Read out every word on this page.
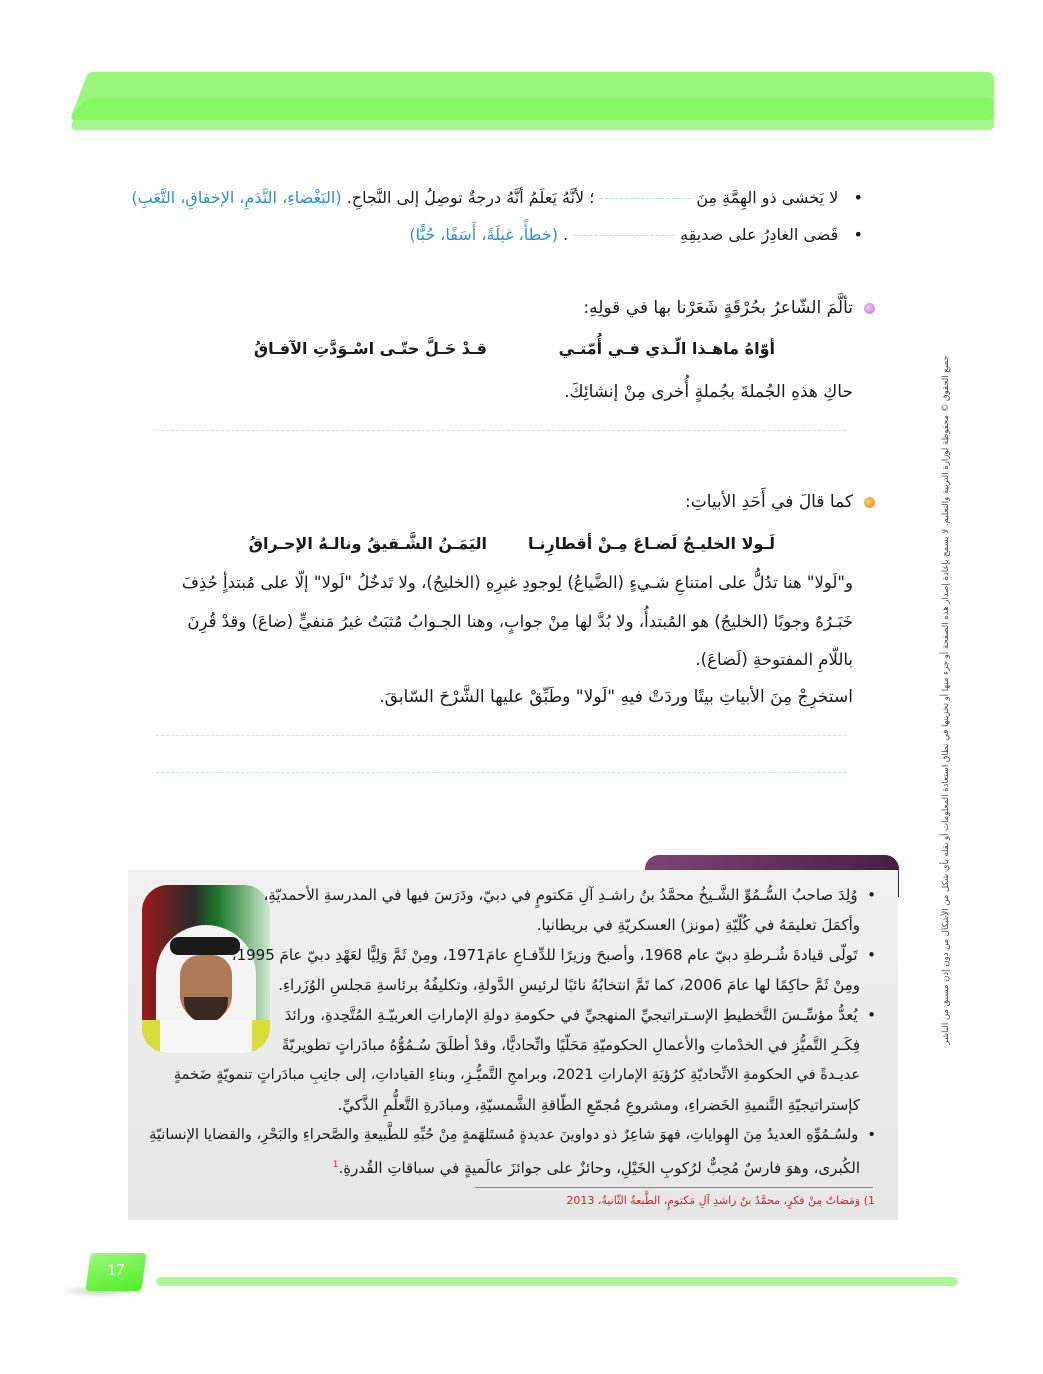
•   لا يَخشى ذو الهِمَّةِ مِنَ؛ لأنَّهُ يَعلَمُ أنَّهُ درجةٌ توصِلُ إلى النَّجاحِ. (البَغْضاءِ، النَّدَمِ، الإخفاقِ، التَّعَبِ)
•   قَضى الغادِرُ على صديقِهِ. (خطأً، غيلَةً، أَسَفًا، حُبًّا)
تألَّمَ الشّاعرُ بحُرْقَةٍ شَعَرْنا بها في قولِهِ:
أوّاهُ ماهـذا الّـذي فـي أُمّتـي
قـدْ حَـلَّ حتّـى اسْـوَدَّتِ الآفـاقُ
حاكِ هذهِ الجُملةَ بجُملةٍ أُخرى مِنْ إنشائِكَ.
كما قالَ في أَحَدِ الأبياتِ:
لَـولا الخليـجُ لَضـاعَ مِـنْ أقطارِنـا
اليَمَـنُ الشَّـقيقُ ونالـهُ الإحـراقُ
و"لَولا" هنا تدُلُّ على امتناعِ شـيءٍ (الضَّياعُ) لِوجودِ غيرِهِ (الخليجُ)، ولا تَدخُلُ "لَولا" إلّا على مُبتدأٍ حُذِفَ
خَبَـرُهُ وجوبًا (الخليجُ) هو المُبتدأُ، ولا بُدَّ لها مِنْ جوابٍ، وهنا الجـوابُ مُثبَتٌ غيرُ مَنفيٍّ (ضاعَ) وقدْ قُرِنَ
باللّامِ المفتوحةِ (لَضاعَ).
استخرِجْ مِنَ الأبياتِ بيتًا وردَتْ فيهِ "لَولا" وطَبِّقْ عليها الشَّرْحَ السّابقَ.
•  وُلِدَ صاحبُ السُّـمُوِّ الشَّـيخُ محمَّدُ بنُ راشـدِ آلِ مَكتومٍ في دبيّ، ودَرَسَ فيها في المدرسةِ الأحمديّةِ،
وأكمَلَ تعليمَهُ في كُلّيّةِ (مونز) العسكريّةِ في بريطانيا.
•  تَولّى قيادةَ شُـرطةِ دبيّ عام 1968، وأصبحَ وزيرًا للدِّفـاعِ عامَ1971، ومِنْ ثَمَّ وَلِيًّا لعَهْدِ دبيّ عامَ 1995،
ومِنْ ثَمَّ حاكِمًا لها عامَ 2006، كما تَمَّ انتخابُهُ نائبًا لرئيسِ الدَّولةِ، وتكليفُهُ برئاسةِ مَجلسِ الوُزَراءِ.
•  يُعدُّ مؤسِّـسَ التَّخطيطِ الإسـتراتيجيِّ المنهجيِّ في حكومةِ دولةِ الإماراتِ العربيّـةِ المُتَّحِدةِ، ورائدَ
فِكَـرِ التَّميُّزِ في الخدْماتِ والأعمالِ الحكوميّةِ مَحَلّيًا واتِّحاديًّا، وقدْ أطلَقَ سُـمُوُّهُ مبادَراتٍ تطويريّةً
عديـدةً في الحكومةِ الاتِّحاديّةِ كرُؤيَةِ الإماراتِ 2021، وبرامجِ التَّميُّـزِ، وبناءِ القياداتِ، إلى جانِبِ مبادَراتٍ تنمويّةٍ ضَخمةٍ
كإستراتيجيّةِ التَّنميةِ الخَضراءِ، ومشروعِ مُجمّعِ الطّاقةِ الشَّمسيّةِ، ومبادَرةِ التَّعلُّمِ الذَّكيِّ.
•  ولسُـمُوِّهِ العديدُ مِنَ الهِواياتِ، فهوَ شاعِرٌ ذو دواوينَ عديدةٍ مُستَلهَمةٍ مِنْ حُبِّهِ للطَّبيعةِ والصَّحراءِ والبَحْرِ، والقضايا الإنسانيّةِ
الكُبرى، وهوَ فارسٌ مُحِبٌّ لرُكوبِ الخَيْلِ، وحائزٌ على جوائزَ عالَميةٍ في سباقاتِ القُدرةِ.$^1$
1) وَمَضاتٌ مِنْ فكرٍ، محمَّدُ بنُ راشدِ آلِ مَكتومٍ، الطَّبعةُ الثّانيةُ، 2013
جميع الحقوق © محفوظة لوزارة التربية والتعليم. لا يسمح بإعادة إصدار هذه الصفحة أو جزء منها أو تخزينها في نطاق استعادة المعلومات أو نقله بأي شكل من الأشكال من دون إذن مسبق من الناشر
17
